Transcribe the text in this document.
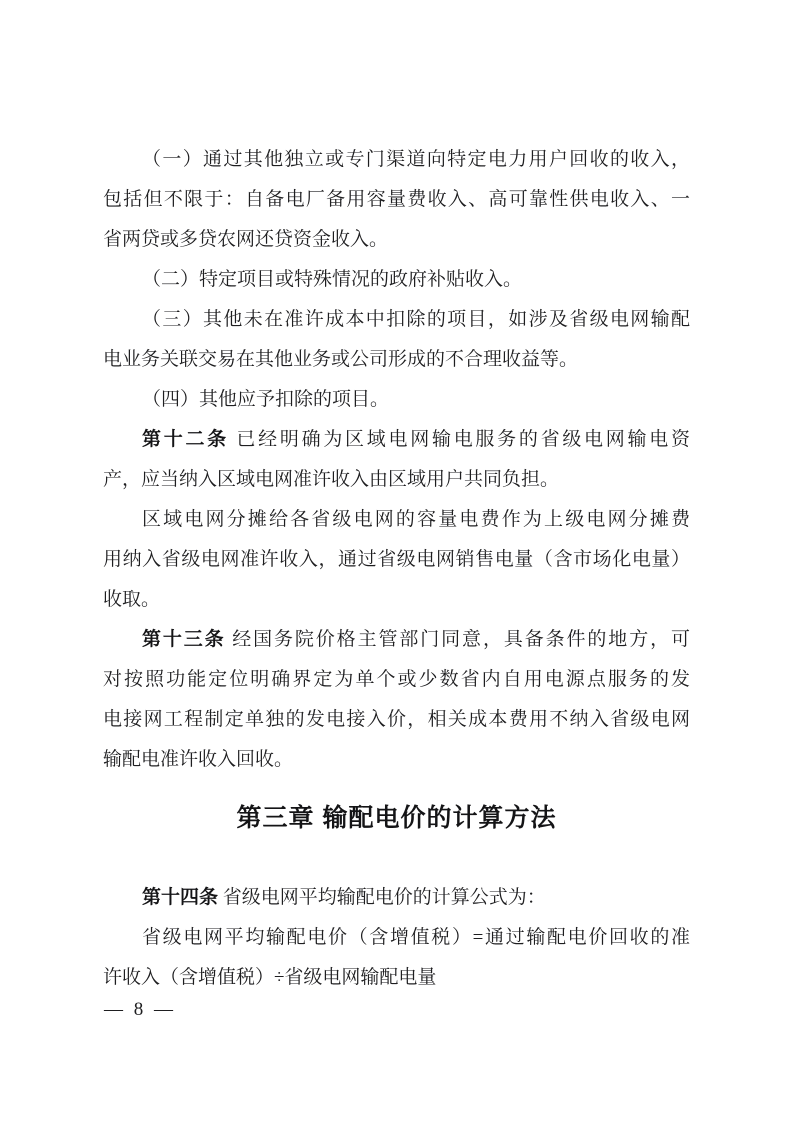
（一）通过其他独立或专门渠道向特定电力用户回收的收入，
包括但不限于：自备电厂备用容量费收入、高可靠性供电收入、一
省两贷或多贷农网还贷资金收入。
（二）特定项目或特殊情况的政府补贴收入。
（三）其他未在准许成本中扣除的项目，如涉及省级电网输配
电业务关联交易在其他业务或公司形成的不合理收益等。
（四）其他应予扣除的项目。
第十二条 已经明确为区域电网输电服务的省级电网输电资
产，应当纳入区域电网准许收入由区域用户共同负担。
区域电网分摊给各省级电网的容量电费作为上级电网分摊费
用纳入省级电网准许收入，通过省级电网销售电量（含市场化电量）
收取。
第十三条 经国务院价格主管部门同意，具备条件的地方，可
对按照功能定位明确界定为单个或少数省内自用电源点服务的发
电接网工程制定单独的发电接入价，相关成本费用不纳入省级电网
输配电准许收入回收。
第三章 输配电价的计算方法
第十四条 省级电网平均输配电价的计算公式为：
省级电网平均输配电价（含增值税）=通过输配电价回收的准
许收入（含增值税）÷省级电网输配电量
— 8 —
